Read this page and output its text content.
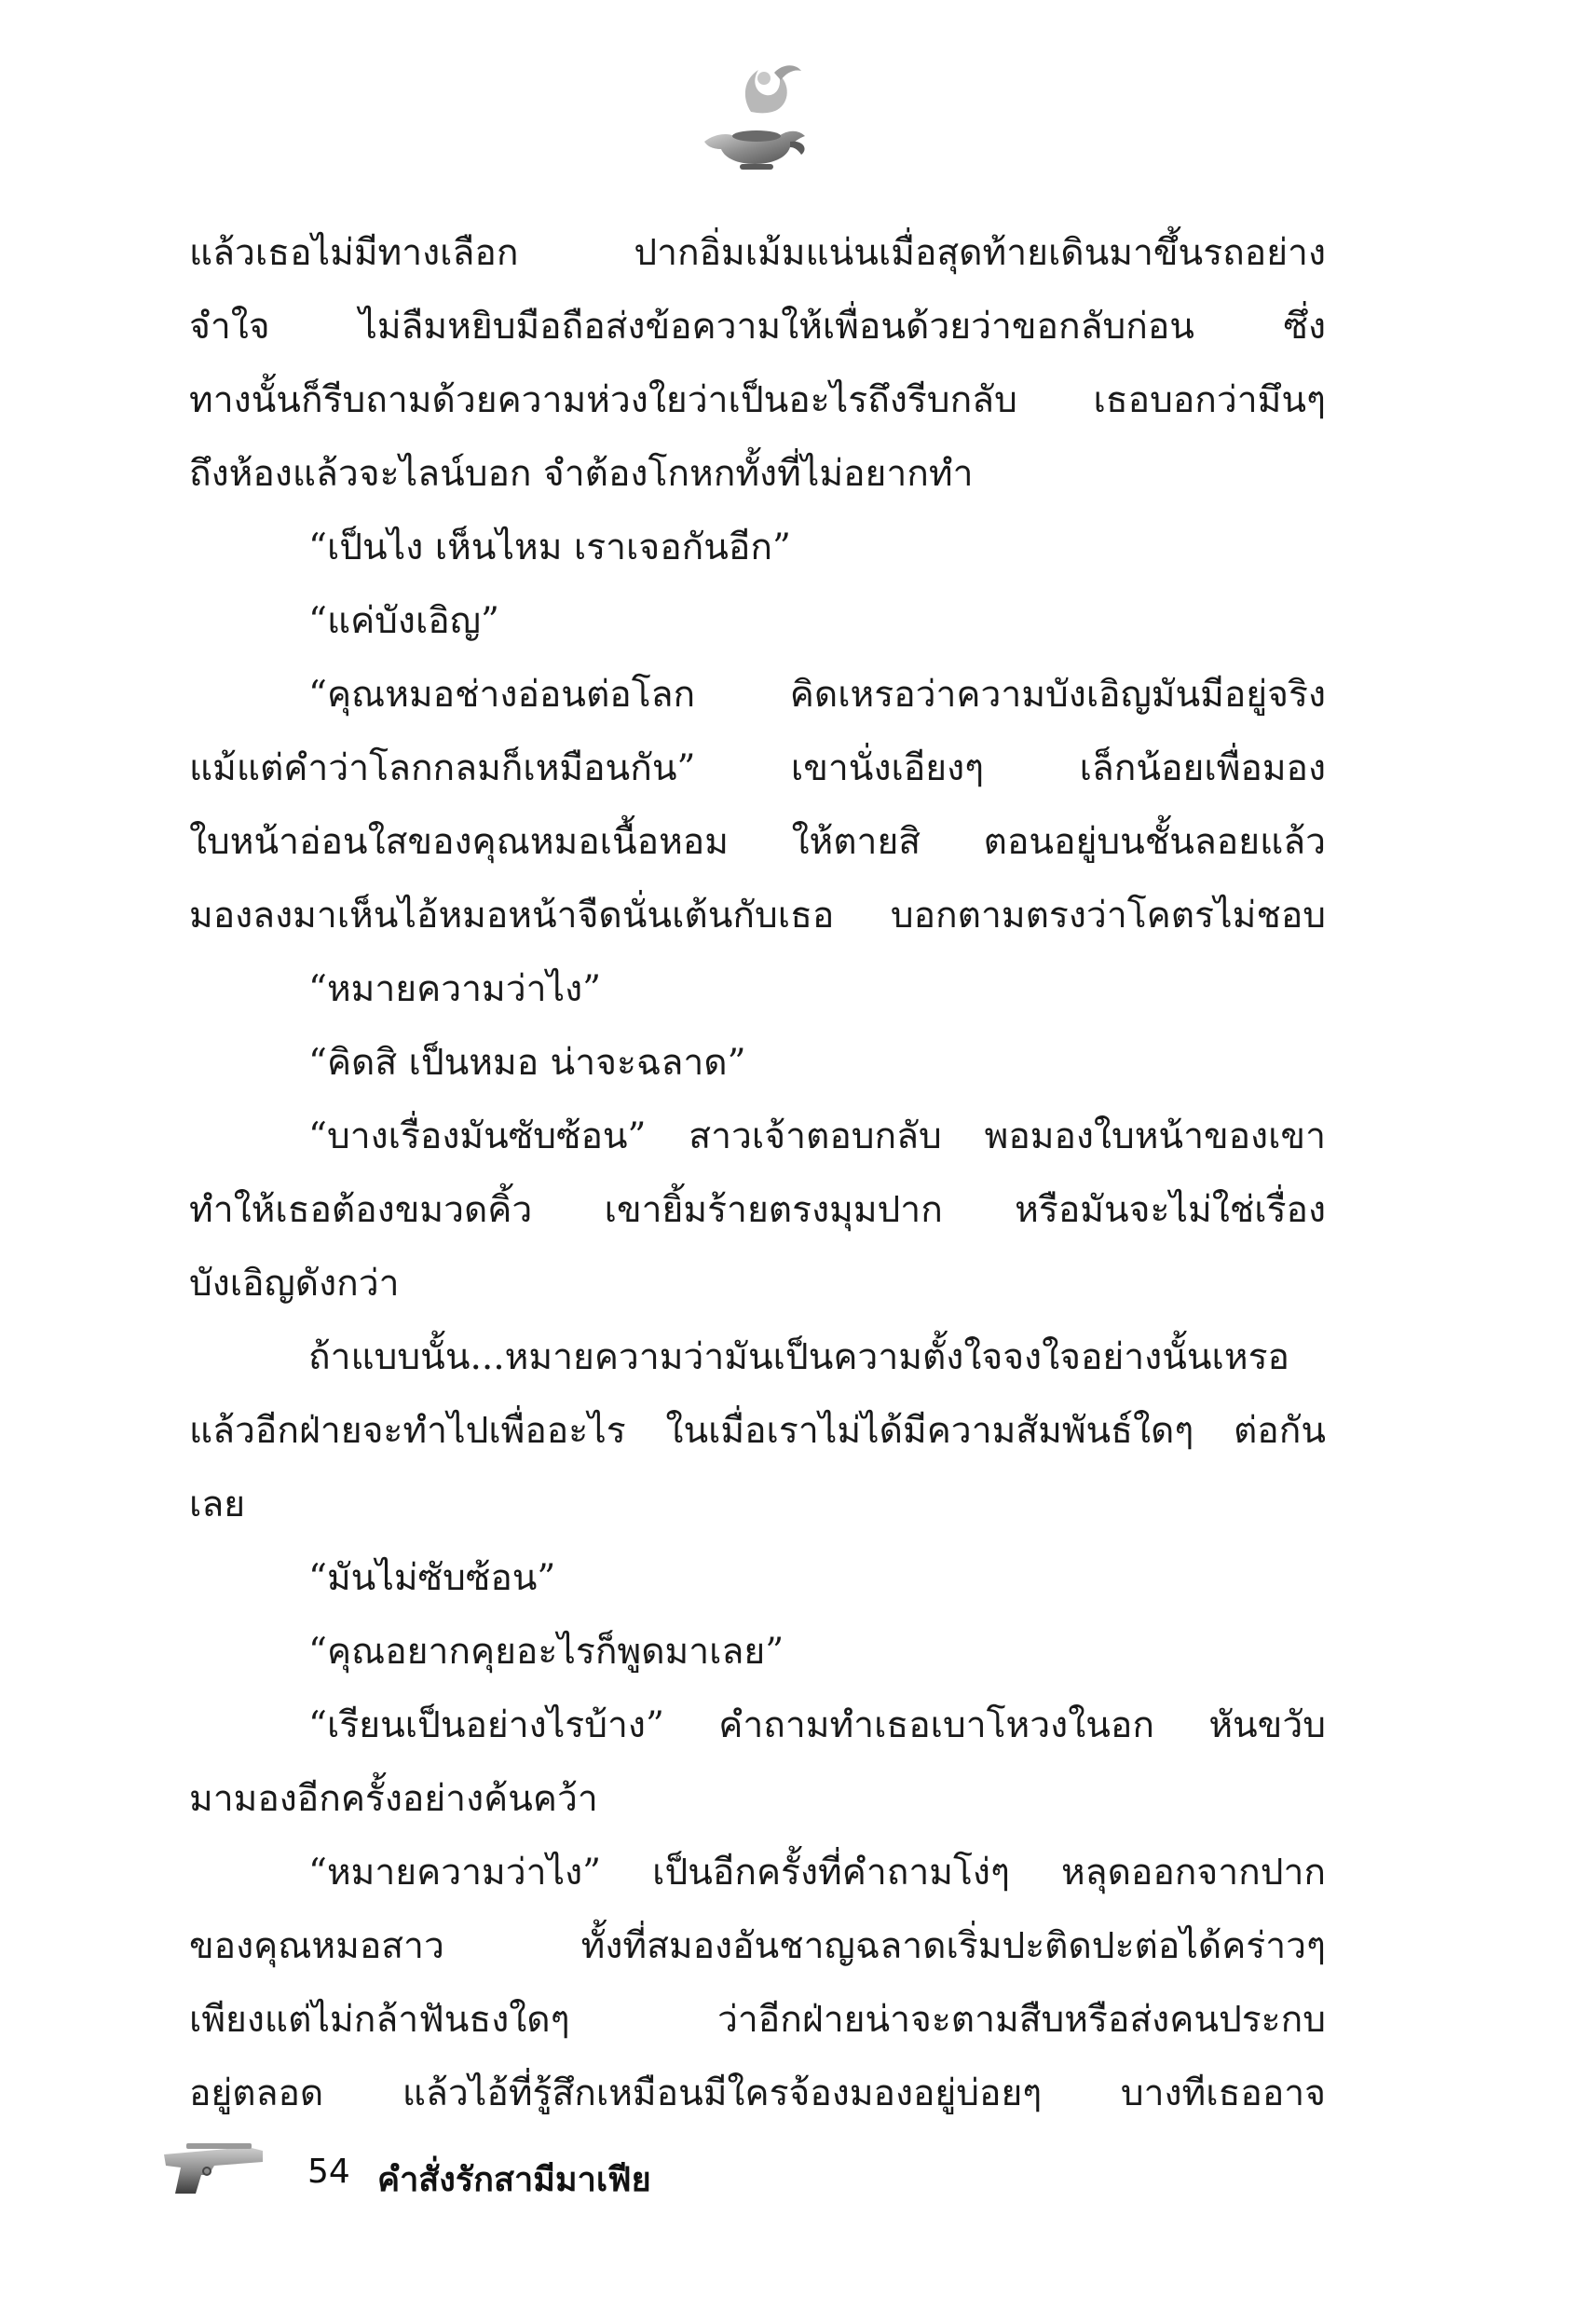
แล้วเธอไม่มีทางเลือก ปากอิ่มเม้มแน่นเมื่อสุดท้ายเดินมาขึ้นรถอย่าง
จำใจ ไม่ลืมหยิบมือถือส่งข้อความให้เพื่อนด้วยว่าขอกลับก่อน ซึ่ง
ทางนั้นก็รีบถามด้วยความห่วงใยว่าเป็นอะไรถึงรีบกลับ เธอบอกว่ามึนๆ
ถึงห้องแล้วจะไลน์บอก จำต้องโกหกทั้งที่ไม่อยากทำ
“เป็นไง เห็นไหม เราเจอกันอีก”
“แค่บังเอิญ”
“คุณหมอช่างอ่อนต่อโลก คิดเหรอว่าความบังเอิญมันมีอยู่จริง
แม้แต่คำว่าโลกกลมก็เหมือนกัน” เขานั่งเอียงๆ เล็กน้อยเพื่อมอง
ใบหน้าอ่อนใสของคุณหมอเนื้อหอม ให้ตายสิ ตอนอยู่บนชั้นลอยแล้ว
มองลงมาเห็นไอ้หมอหน้าจืดนั่นเต้นกับเธอ บอกตามตรงว่าโคตรไม่ชอบ
“หมายความว่าไง”
“คิดสิ เป็นหมอ น่าจะฉลาด”
“บางเรื่องมันซับซ้อน” สาวเจ้าตอบกลับ พอมองใบหน้าของเขา
ทำให้เธอต้องขมวดคิ้ว เขายิ้มร้ายตรงมุมปาก หรือมันจะไม่ใช่เรื่อง
บังเอิญดังกว่า
ถ้าแบบนั้น...หมายความว่ามันเป็นความตั้งใจจงใจอย่างนั้นเหรอ
แล้วอีกฝ่ายจะทำไปเพื่ออะไร ในเมื่อเราไม่ได้มีความสัมพันธ์ใดๆ ต่อกัน
เลย
“มันไม่ซับซ้อน”
“คุณอยากคุยอะไรก็พูดมาเลย”
“เรียนเป็นอย่างไรบ้าง” คำถามทำเธอเบาโหวงในอก หันขวับ
มามองอีกครั้งอย่างค้นคว้า
“หมายความว่าไง” เป็นอีกครั้งที่คำถามโง่ๆ หลุดออกจากปาก
ของคุณหมอสาว ทั้งที่สมองอันชาญฉลาดเริ่มปะติดปะต่อได้คร่าวๆ
เพียงแต่ไม่กล้าฟันธงใดๆ ว่าอีกฝ่ายน่าจะตามสืบหรือส่งคนประกบ
อยู่ตลอด แล้วไอ้ที่รู้สึกเหมือนมีใครจ้องมองอยู่บ่อยๆ บางทีเธออาจ
54 คำสั่งรักสามีมาเฟีย
